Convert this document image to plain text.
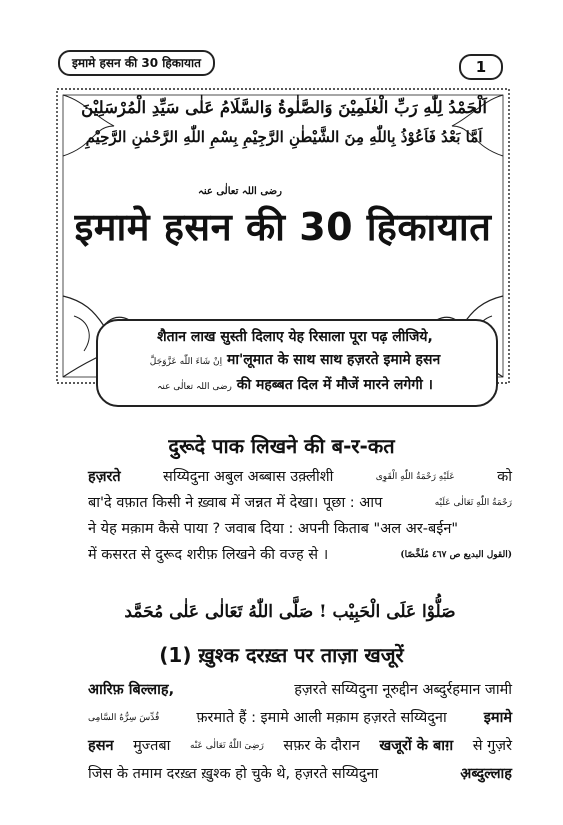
इमामे हसन की 30 हिकायात	1
اَلْحَمْدُ لِلّٰهِ رَبِّ الْعٰلَمِيْنَ وَالصَّلٰوةُ وَالسَّلَامُ عَلٰى سَيِّدِ الْمُرْسَلِيْنَ
اَمَّا بَعْدُ فَاَعُوْذُ بِاللّٰهِ مِنَ الشَّيْطٰنِ الرَّجِيْمِ بِسْمِ اللّٰهِ الرَّحْمٰنِ الرَّحِيْمِ
رضی اللہ تعالٰی عنہ
इमामे हसन की 30 हिकायात
शैतान लाख सुस्ती दिलाए येह रिसाला पूरा पढ़ लीजिये,
اِنْ شَاءَ اللّٰه عَزَّوَجَلَّ मा'लूमात के साथ साथ हज़रते इमामे हसन
رضی اللہ تعالٰی عنہ की महब्बत दिल में मौजें मारने लगेगी ।
दुरूदे पाक लिखने की ब-र-कत
हज़रते	सय्यिदुना अबुल अब्बास उक़्लीशी	عَلَيْهِ رَحْمَةُ اللّٰهِ الْقَوِى	को
बा'दे वफ़ात किसी ने ख़्वाब में जन्नत में देखा। पूछा : आप	رَحْمَةُ اللّٰهِ تَعَالٰى عَلَيْه
ने येह मक़ाम कैसे पाया ? जवाब दिया : अपनी किताब "अल अर-बईन"
में कसरत से दुरूद शरीफ़ लिखने की वज्ह से ।	(القول البديع ص ٤٦٧ مُلَخَّصًا)
صَلُّوْا عَلَى الْحَبِيْب ! صَلَّى اللّٰهُ تَعَالٰى عَلٰى مُحَمَّد
(1) ख़ुश्क दरख़्त पर ताज़ा खजूरें
आरिफ़ बिल्लाह,	हज़रते सय्यिदुना नूरुद्दीन अब्दुर्रहमान जामी
قُدِّسَ سِرُّهُ السَّامِى	फ़रमाते हैं : इमामे आली मक़ाम हज़रते सय्यिदुना	इमामे
हसन मुज्तबा رَضِىَ اللّٰهُ تَعَالٰى عَنْه सफ़र के दौरान खजूरों के बाग़ से गुज़रे
जिस के तमाम दरख़्त ख़ुश्क हो चुके थे, हज़रते सय्यिदुना	अ़ब्दुल्लाह
